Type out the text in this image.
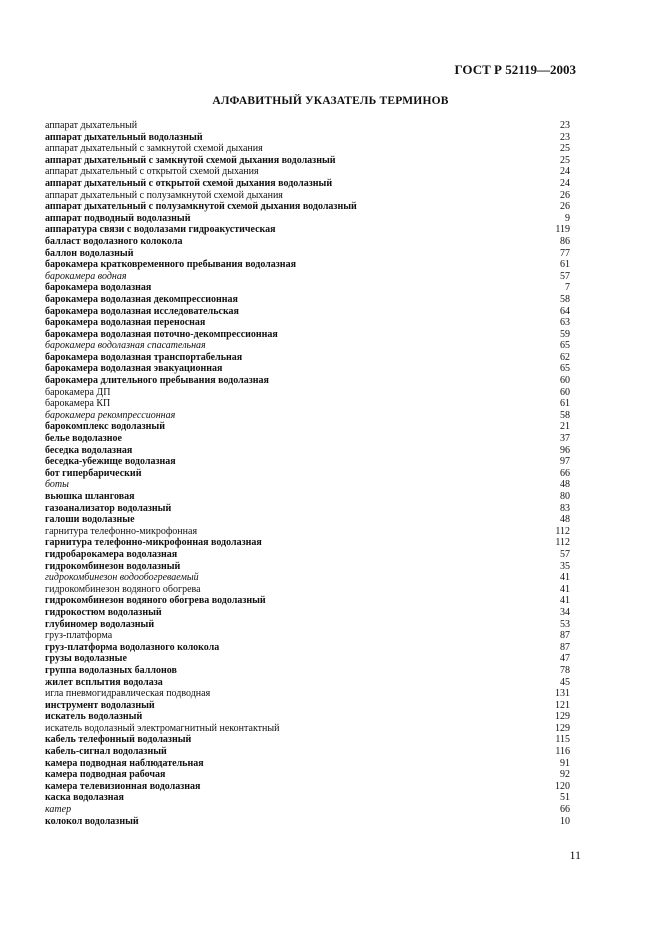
ГОСТ Р 52119—2003
АЛФАВИТНЫЙ УКАЗАТЕЛЬ ТЕРМИНОВ
аппарат дыхательный	23
аппарат дыхательный водолазный	23
аппарат дыхательный с замкнутой схемой дыхания	25
аппарат дыхательный с замкнутой схемой дыхания водолазный	25
аппарат дыхательный с открытой схемой дыхания	24
аппарат дыхательный с открытой схемой дыхания водолазный	24
аппарат дыхательный с полузамкнутой схемой дыхания	26
аппарат дыхательный с полузамкнутой схемой дыхания водолазный	26
аппарат подводный водолазный	9
аппаратура связи с водолазами гидроакустическая	119
балласт водолазного колокола	86
баллон водолазный	77
барокамера кратковременного пребывания водолазная	61
барокамера водная	57
барокамера водолазная	7
барокамера водолазная декомпрессионная	58
барокамера водолазная исследовательская	64
барокамера водолазная переносная	63
барокамера водолазная поточно-декомпрессионная	59
барокамера водолазная спасательная	65
барокамера водолазная транспортабельная	62
барокамера водолазная эвакуационная	65
барокамера длительного пребывания водолазная	60
барокамера ДП	60
барокамера КП	61
барокамера рекомпрессионная	58
барокомплекс водолазный	21
белье водолазное	37
беседка водолазная	96
беседка-убежище водолазная	97
бот гипербарический	66
боты	48
вьюшка шланговая	80
газоанализатор водолазный	83
галоши водолазные	48
гарнитура телефонно-микрофонная	112
гарнитура телефонно-микрофонная водолазная	112
гидробарокамера водолазная	57
гидрокомбинезон водолазный	35
гидрокомбинезон водообогреваемый	41
гидрокомбинезон водяного обогрева	41
гидрокомбинезон водяного обогрева водолазный	41
гидрокостюм водолазный	34
глубиномер водолазный	53
груз-платформа	87
груз-платформа водолазного колокола	87
грузы водолазные	47
группа водолазных баллонов	78
жилет всплытия водолаза	45
игла пневмогидравлическая подводная	131
инструмент водолазный	121
искатель водолазный	129
искатель водолазный электромагнитный неконтактный	129
кабель телефонный водолазный	115
кабель-сигнал водолазный	116
камера подводная наблюдательная	91
камера подводная рабочая	92
камера телевизионная водолазная	120
каска водолазная	51
катер	66
колокол водолазный	10
11
